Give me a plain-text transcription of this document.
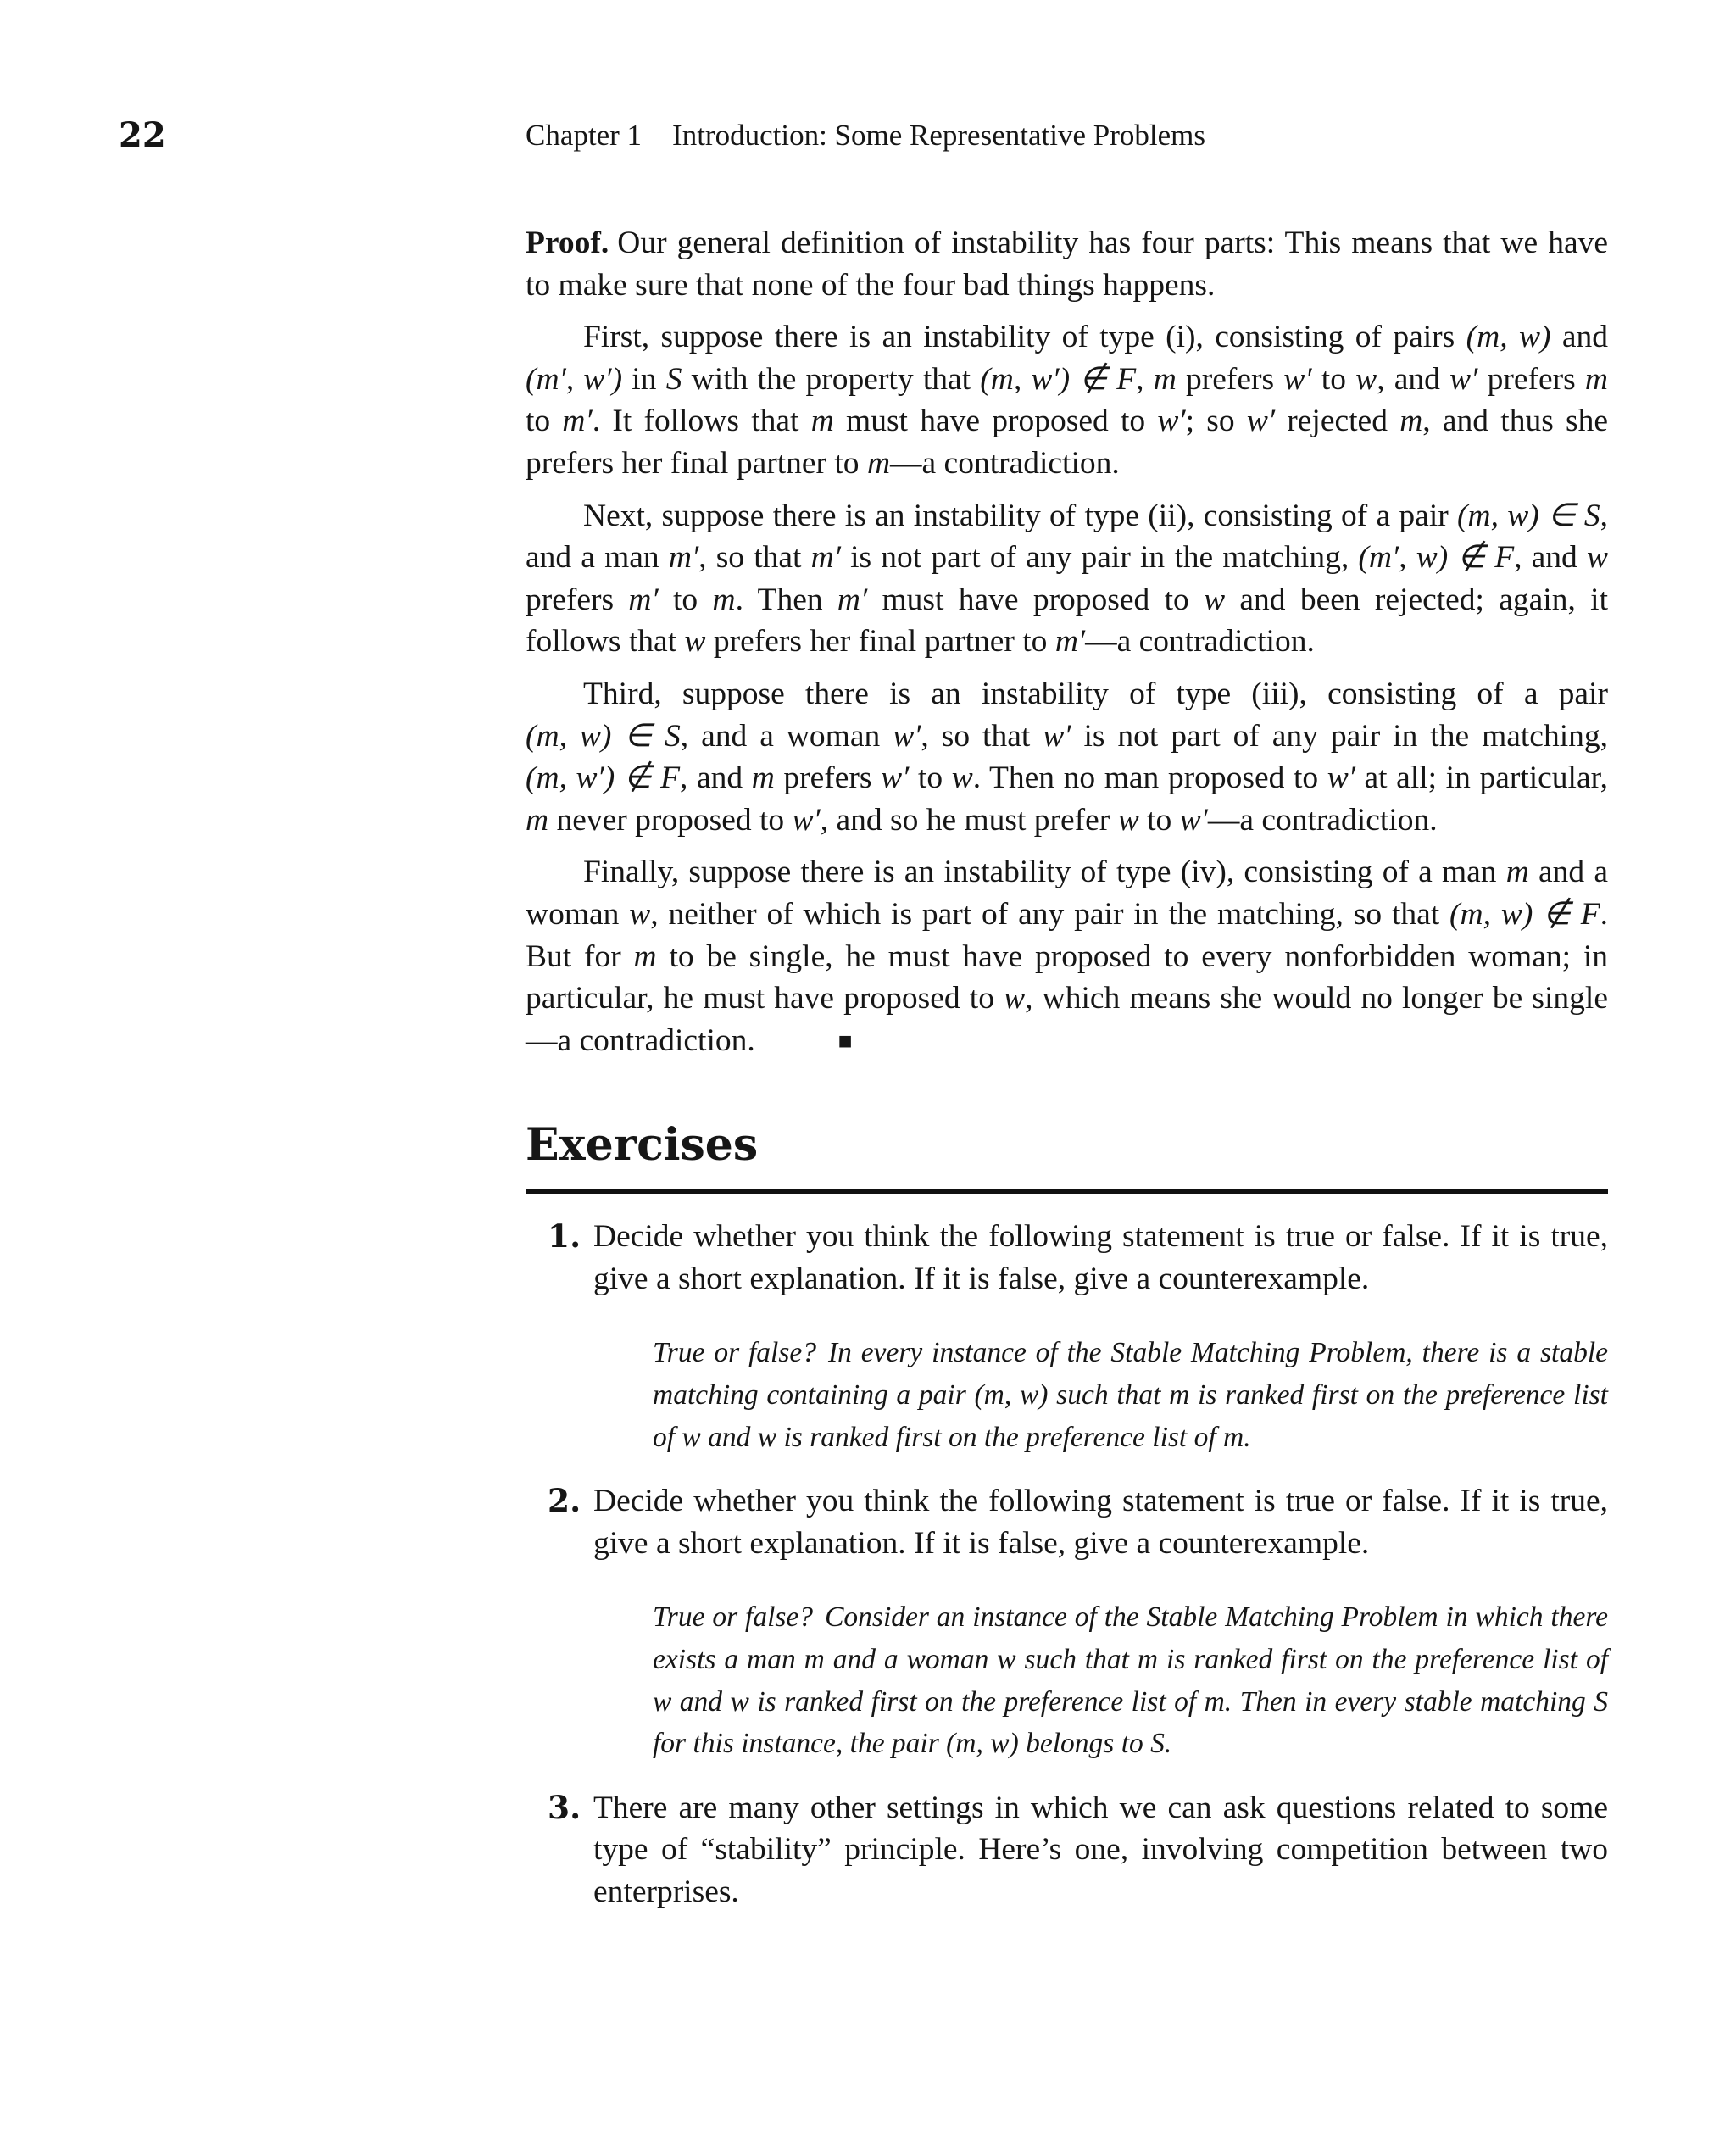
22	Chapter 1 Introduction: Some Representative Problems

Proof. Our general definition of instability has four parts: This means that we have to make sure that none of the four bad things happens.

First, suppose there is an instability of type (i), consisting of pairs (m, w) and (m′, w′) in S with the property that (m, w′) ∉ F, m prefers w′ to w, and w′ prefers m to m′. It follows that m must have proposed to w′; so w′ rejected m, and thus she prefers her final partner to m—a contradiction.

Next, suppose there is an instability of type (ii), consisting of a pair (m, w) ∈ S, and a man m′, so that m′ is not part of any pair in the matching, (m′, w) ∉ F, and w prefers m′ to m. Then m′ must have proposed to w and been rejected; again, it follows that w prefers her final partner to m′—a contradiction.

Third, suppose there is an instability of type (iii), consisting of a pair (m, w) ∈ S, and a woman w′, so that w′ is not part of any pair in the matching, (m, w′) ∉ F, and m prefers w′ to w. Then no man proposed to w′ at all; in particular, m never proposed to w′, and so he must prefer w to w′—a contradiction.

Finally, suppose there is an instability of type (iv), consisting of a man m and a woman w, neither of which is part of any pair in the matching, so that (m, w) ∉ F. But for m to be single, he must have proposed to every nonforbidden woman; in particular, he must have proposed to w, which means she would no longer be single—a contradiction.	■

Exercises
1. Decide whether you think the following statement is true or false. If it is true, give a short explanation. If it is false, give a counterexample.

True or false? In every instance of the Stable Matching Problem, there is a stable matching containing a pair (m, w) such that m is ranked first on the preference list of w and w is ranked first on the preference list of m.

2. Decide whether you think the following statement is true or false. If it is true, give a short explanation. If it is false, give a counterexample.

True or false? Consider an instance of the Stable Matching Problem in which there exists a man m and a woman w such that m is ranked first on the preference list of w and w is ranked first on the preference list of m. Then in every stable matching S for this instance, the pair (m, w) belongs to S.

3. There are many other settings in which we can ask questions related to some type of “stability” principle. Here’s one, involving competition between two enterprises.
